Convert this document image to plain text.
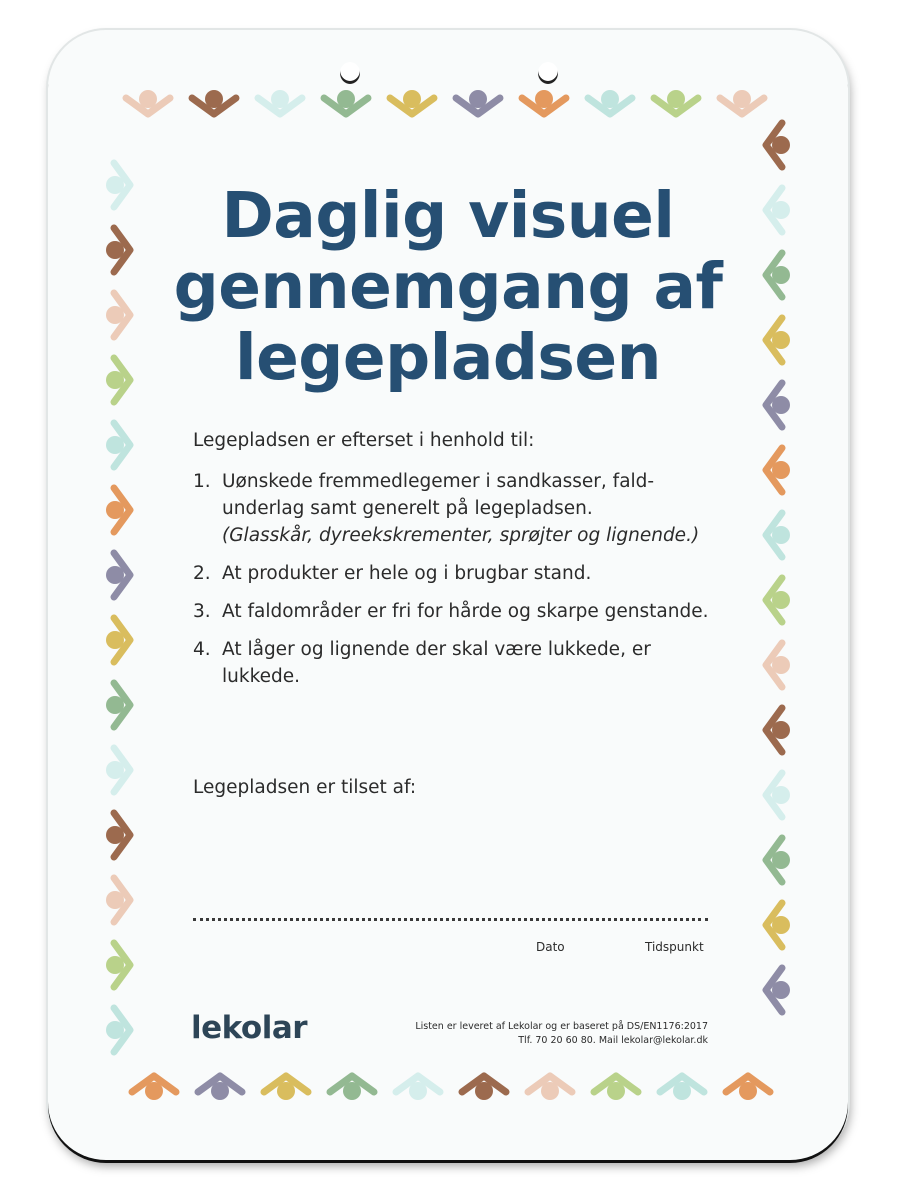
Daglig visuel
gennemgang af
legepladsen

Legepladsen er efterset i henhold til:

1. Uønskede fremmedlegemer i sandkasser, fald-underlag samt generelt på legepladsen.
(Glasskår, dyreekskrementer, sprøjter og lignende.)
2. At produkter er hele og i brugbar stand.
3. At faldområder er fri for hårde og skarpe genstande.
4. At låger og lignende der skal være lukkede, er lukkede.

Legepladsen er tilset af:

Dato	Tidspunkt
lekolar	Listen er leveret af Lekolar og er baseret på DS/EN1176:2017
Tlf. 70 20 60 80. Mail lekolar@lekolar.dk
